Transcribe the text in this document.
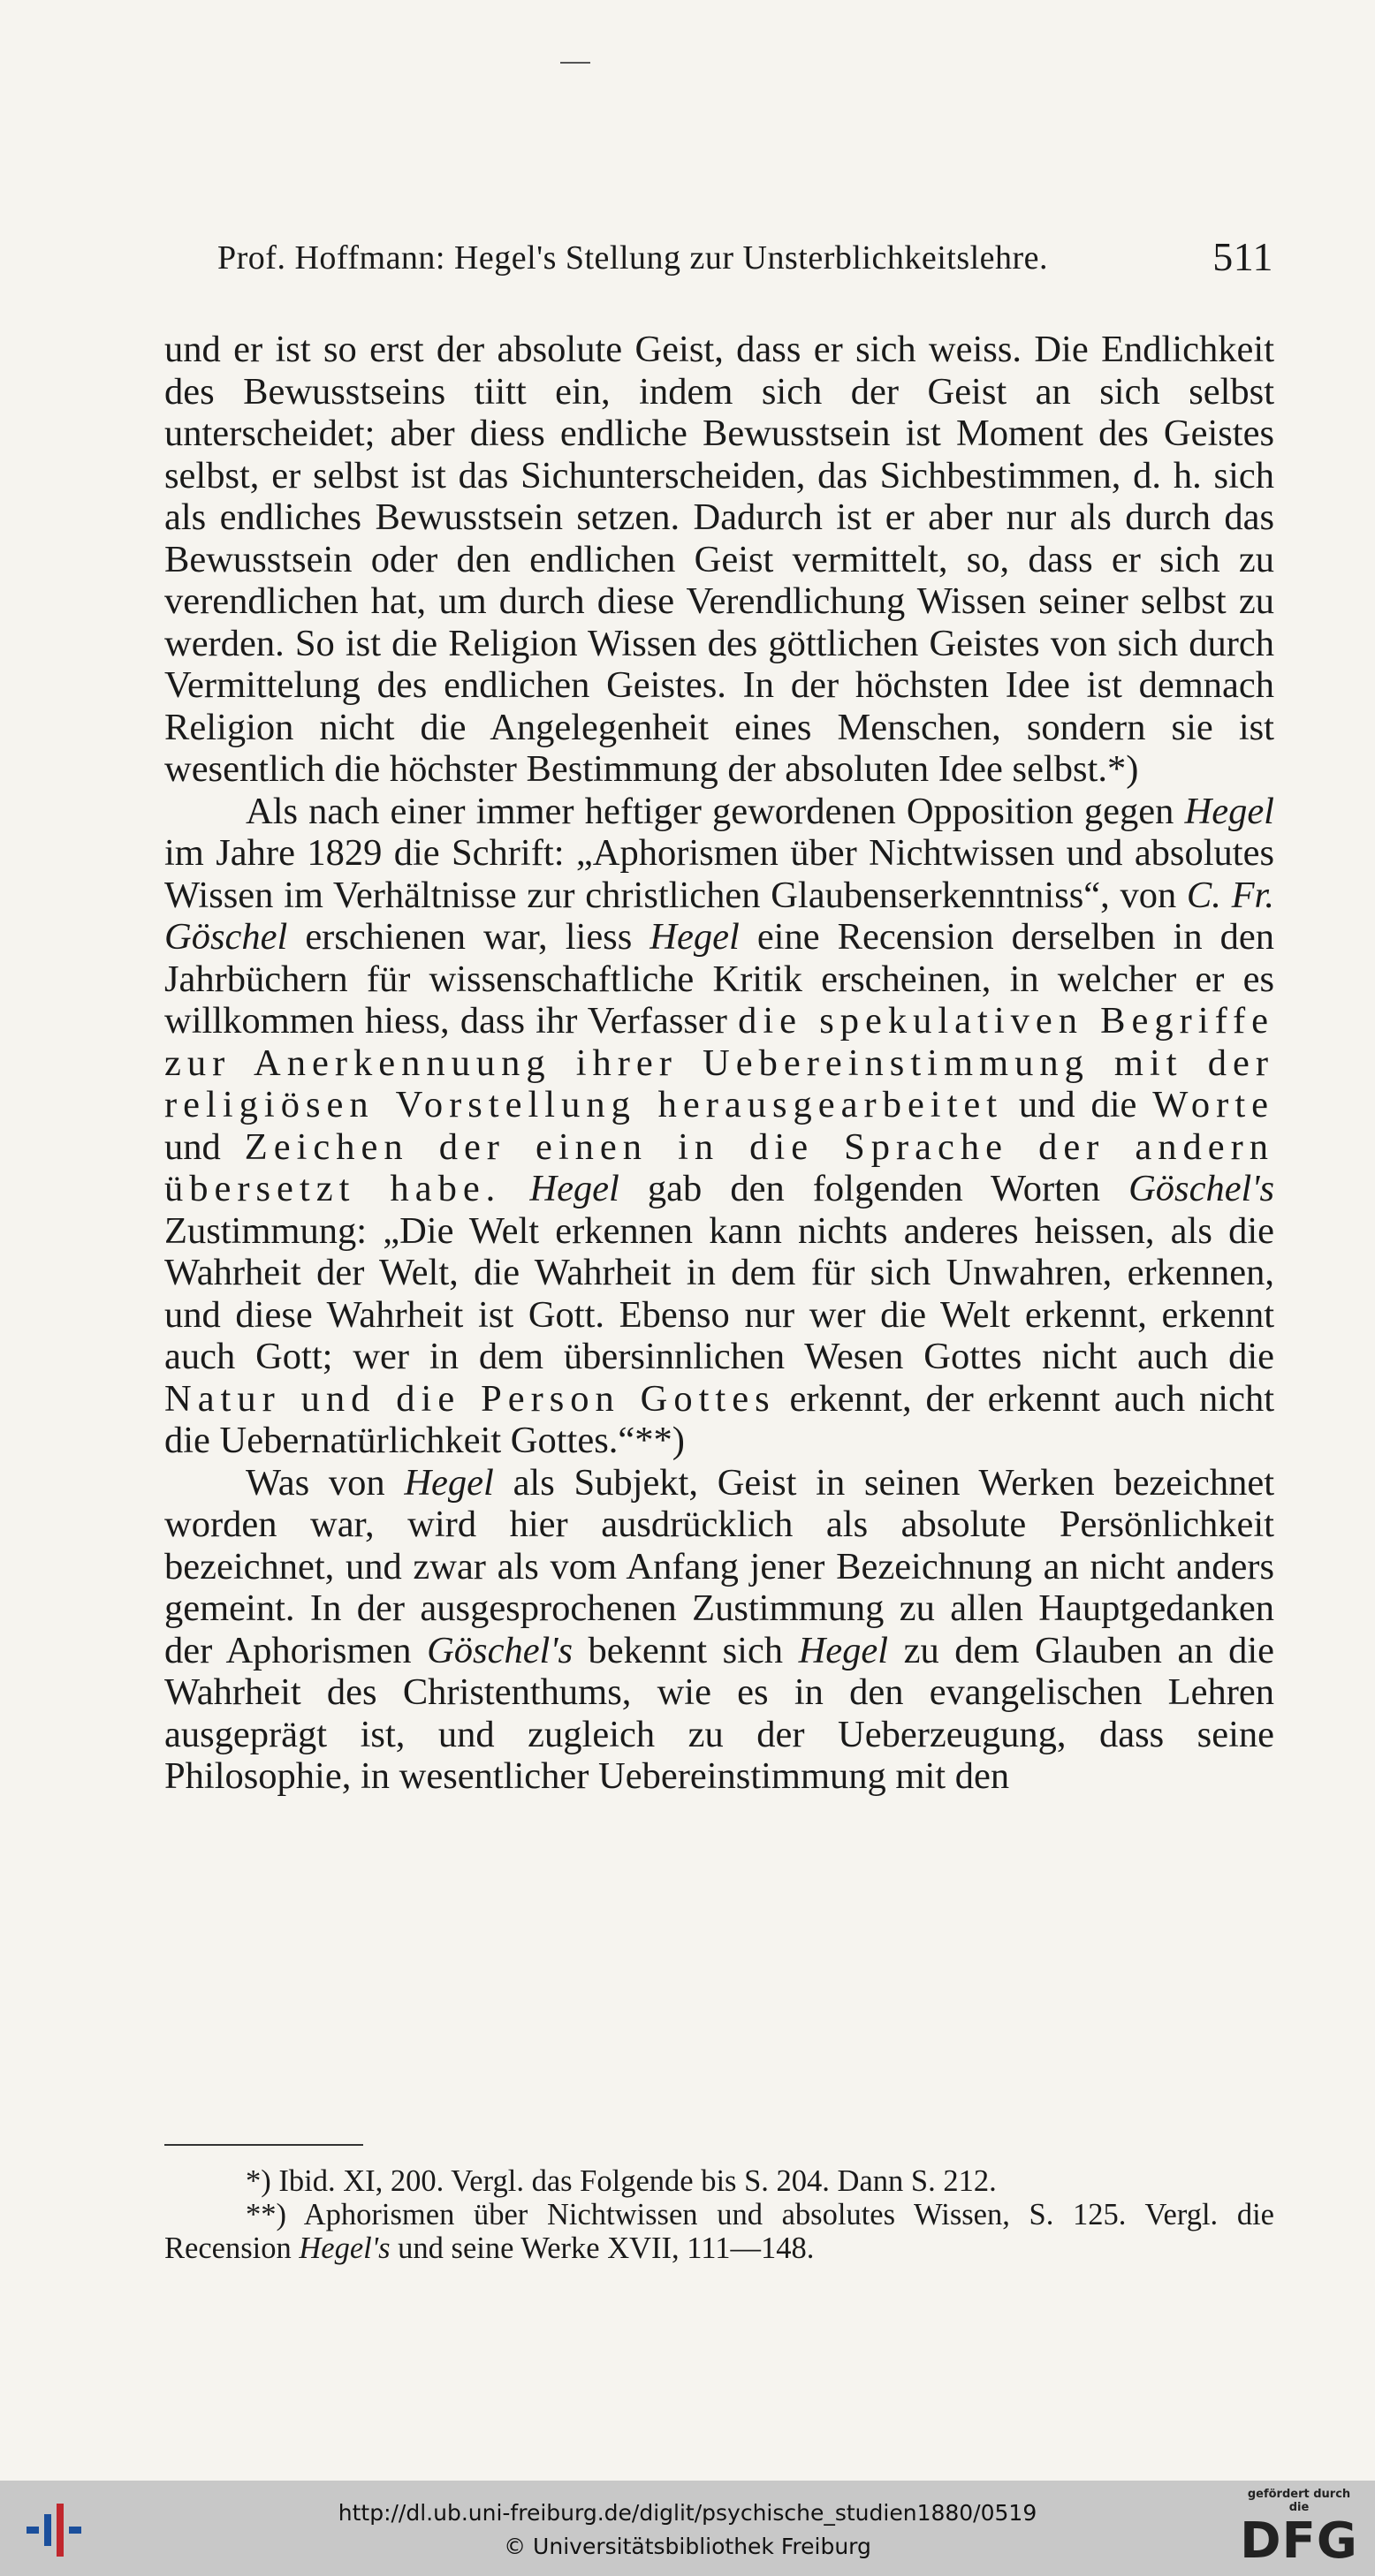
Prof. Hoffmann: Hegel's Stellung zur Unsterblichkeitslehre.	511

und er ist so erst der absolute Geist, dass er sich weiss. Die Endlichkeit des Bewusstseins tiitt ein, indem sich der Geist an sich selbst unterscheidet; aber diess endliche Bewusstsein ist Moment des Geistes selbst, er selbst ist das Sichunterscheiden, das Sichbestimmen, d. h. sich als endliches Bewusstsein setzen. Dadurch ist er aber nur als durch das Bewusstsein oder den endlichen Geist vermittelt, so, dass er sich zu verendlichen hat, um durch diese Verendlichung Wissen seiner selbst zu werden. So ist die Religion Wissen des göttlichen Geistes von sich durch Vermittelung des endlichen Geistes. In der höchsten Idee ist demnach Religion nicht die Angelegenheit eines Menschen, sondern sie ist wesentlich die höchster Bestimmung der absoluten Idee selbst.*)

Als nach einer immer heftiger gewordenen Opposition gegen Hegel im Jahre 1829 die Schrift: „Aphorismen über Nichtwissen und absolutes Wissen im Verhältnisse zur christlichen Glaubenserkenntniss“, von C. Fr. Göschel erschienen war, liess Hegel eine Recension derselben in den Jahrbüchern für wissenschaftliche Kritik erscheinen, in welcher er es willkommen hiess, dass ihr Verfasser die spekulativen Begriffe zur Anerkennuung ihrer Uebereinstimmung mit der religiösen Vorstellung herausgearbeitet und die Worte und Zeichen der einen in die Sprache der andern übersetzt habe. Hegel gab den folgenden Worten Göschel's Zustimmung: „Die Welt erkennen kann nichts anderes heissen, als die Wahrheit der Welt, die Wahrheit in dem für sich Unwahren, erkennen, und diese Wahrheit ist Gott. Ebenso nur wer die Welt erkennt, erkennt auch Gott; wer in dem übersinnlichen Wesen Gottes nicht auch die Natur und die Person Gottes erkennt, der erkennt auch nicht die Uebernatürlichkeit Gottes.“**)

Was von Hegel als Subjekt, Geist in seinen Werken bezeichnet worden war, wird hier ausdrücklich als absolute Persönlichkeit bezeichnet, und zwar als vom Anfang jener Bezeichnung an nicht anders gemeint. In der ausgesprochenen Zustimmung zu allen Hauptgedanken der Aphorismen Göschel's bekennt sich Hegel zu dem Glauben an die Wahrheit des Christenthums, wie es in den evangelischen Lehren ausgeprägt ist, und zugleich zu der Ueberzeugung, dass seine Philosophie, in wesentlicher Uebereinstimmung mit den

*) Ibid. XI, 200. Vergl. das Folgende bis S. 204. Dann S. 212.

**) Aphorismen über Nichtwissen und absolutes Wissen, S. 125. Vergl. die Recension Hegel's und seine Werke XVII, 111—148.

http://dl.ub.uni-freiburg.de/diglit/psychische_studien1880/0519
© Universitätsbibliothek Freiburg
gefördert durch die
DFG
